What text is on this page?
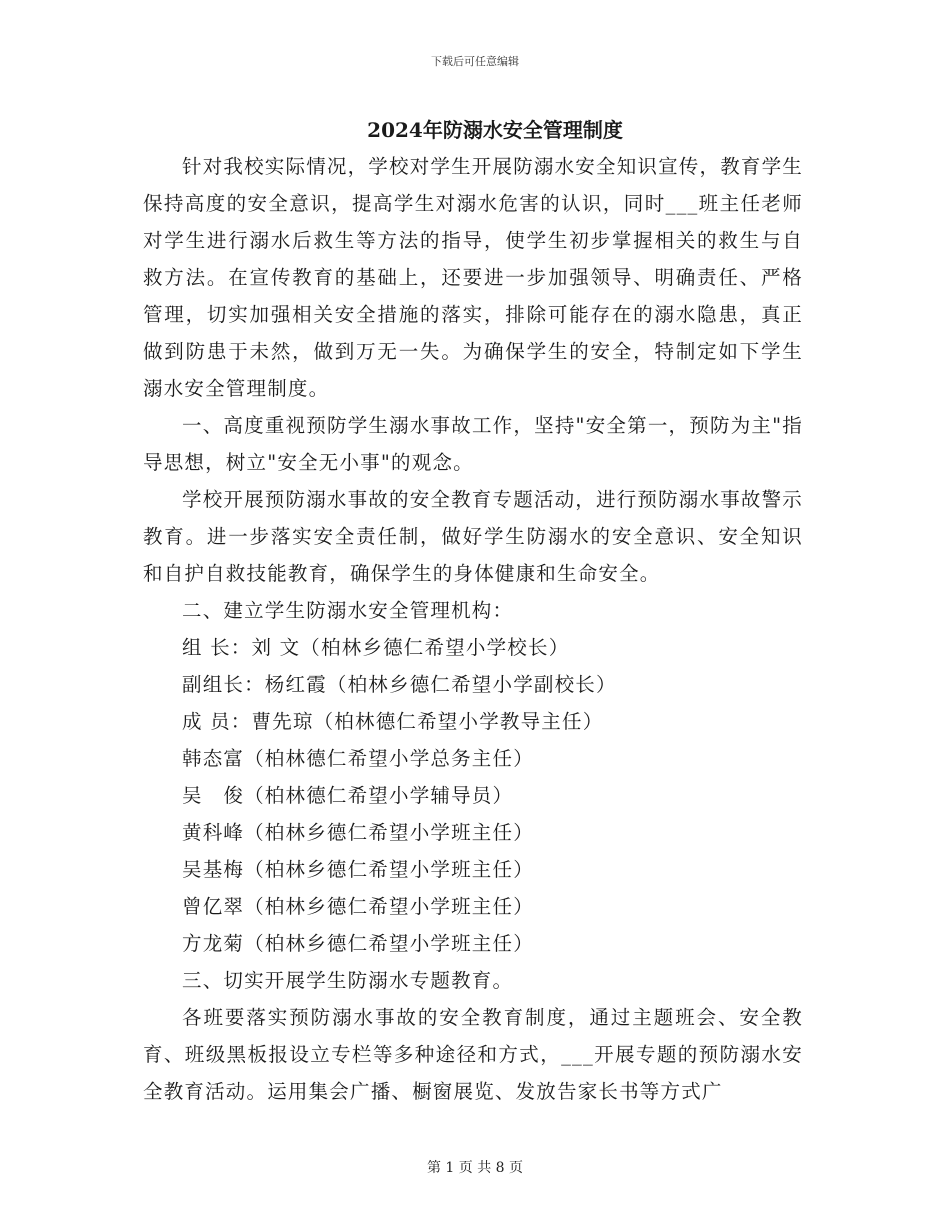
下载后可任意编辑
2024年防溺水安全管理制度

针对我校实际情况，学校对学生开展防溺水安全知识宣传，教育学生保持高度的安全意识，提高学生对溺水危害的认识，同时___班主任老师对学生进行溺水后救生等方法的指导，使学生初步掌握相关的救生与自救方法。在宣传教育的基础上，还要进一步加强领导、明确责任、严格管理，切实加强相关安全措施的落实，排除可能存在的溺水隐患，真正做到防患于未然，做到万无一失。为确保学生的安全，特制定如下学生溺水安全管理制度。

一、高度重视预防学生溺水事故工作，坚持"安全第一，预防为主"指导思想，树立"安全无小事"的观念。

学校开展预防溺水事故的安全教育专题活动，进行预防溺水事故警示教育。进一步落实安全责任制，做好学生防溺水的安全意识、安全知识和自护自救技能教育，确保学生的身体健康和生命安全。

二、建立学生防溺水安全管理机构：

组 长：刘 文（柏林乡德仁希望小学校长）

副组长：杨红霞（柏林乡德仁希望小学副校长）

成 员：曹先琼（柏林德仁希望小学教导主任）

韩态富（柏林德仁希望小学总务主任）

吴　俊（柏林德仁希望小学辅导员）

黄科峰（柏林乡德仁希望小学班主任）

吴基梅（柏林乡德仁希望小学班主任）

曾亿翠（柏林乡德仁希望小学班主任）

方龙菊（柏林乡德仁希望小学班主任）

三、切实开展学生防溺水专题教育。

各班要落实预防溺水事故的安全教育制度，通过主题班会、安全教育、班级黑板报设立专栏等多种途径和方式，___开展专题的预防溺水安全教育活动。运用集会广播、橱窗展览、发放告家长书等方式广

第 1 页 共 8 页
